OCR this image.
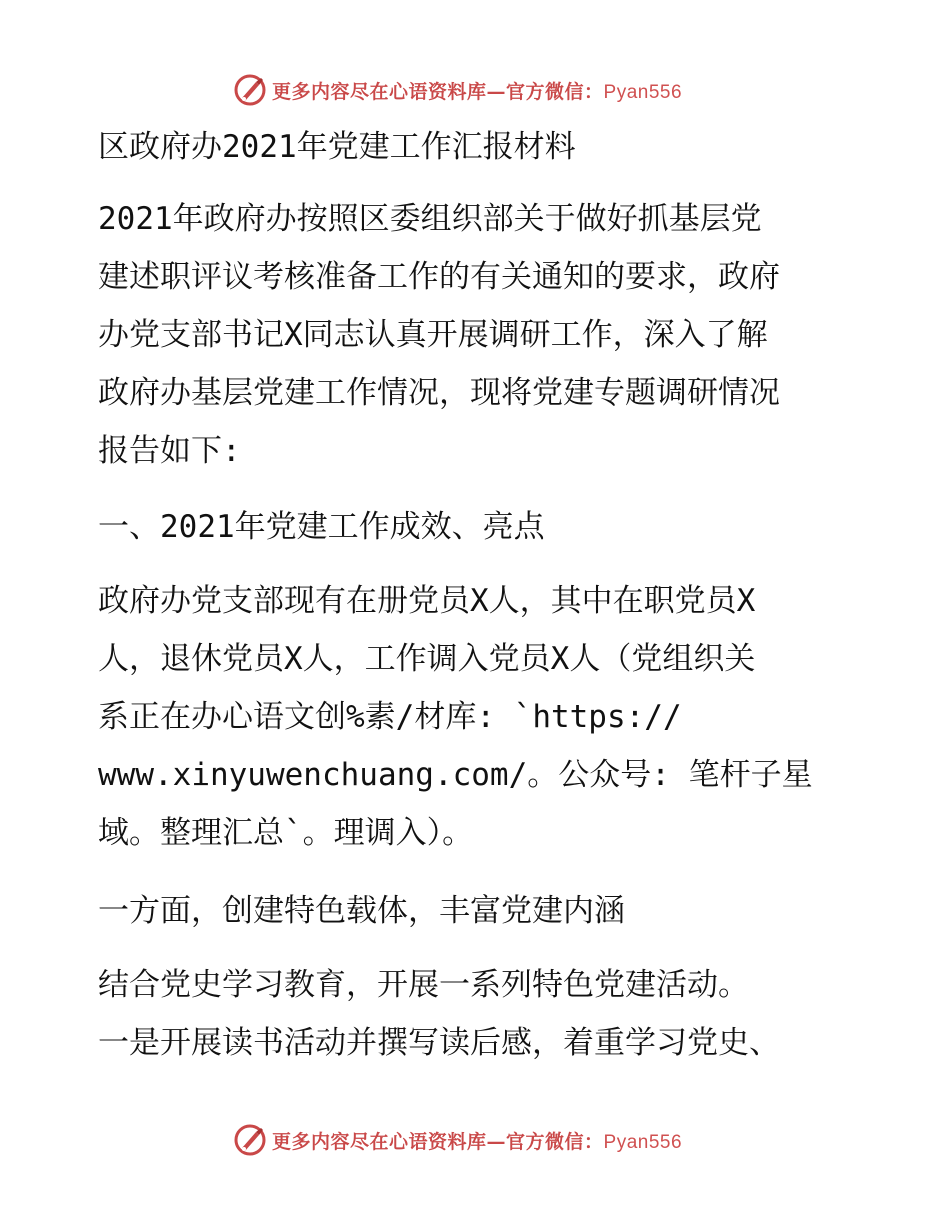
更多内容尽在心语资料库—官方微信：Pyan556
区政府办2021年党建工作汇报材料
2021年政府办按照区委组织部关于做好抓基层党
建述职评议考核准备工作的有关通知的要求，政府
办党支部书记X同志认真开展调研工作，深入了解
政府办基层党建工作情况，现将党建专题调研情况
报告如下:
一、2021年党建工作成效、亮点
政府办党支部现有在册党员X人，其中在职党员X
人，退休党员X人，工作调入党员X人（党组织关
系正在办心语文创%素/材库: `https://
www.xinyuwenchuang.com/。公众号: 笔杆子星
域。整理汇总`。理调入）。
一方面，创建特色载体，丰富党建内涵
结合党史学习教育，开展一系列特色党建活动。
一是开展读书活动并撰写读后感，着重学习党史、
更多内容尽在心语资料库—官方微信：Pyan556
